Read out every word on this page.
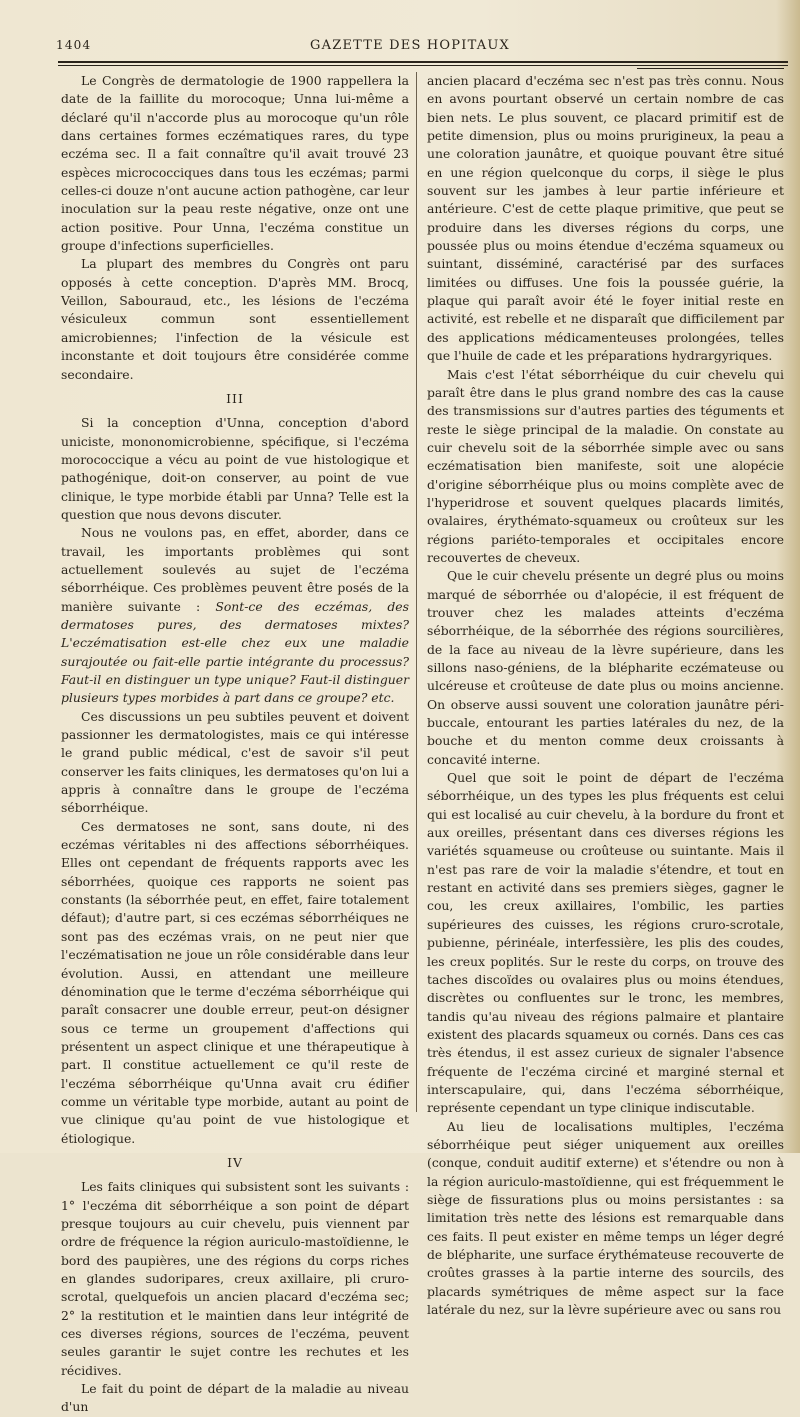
1404	GAZETTE DES HOPITAUX

Le Congrès de dermatologie de 1900 rappellera la date de la faillite du morocoque; Unna lui-même a déclaré qu'il n'accorde plus au morocoque qu'un rôle dans certaines formes eczématiques rares, du type eczéma sec. Il a fait connaître qu'il avait trouvé 23 espèces micrococciques dans tous les eczémas; parmi celles-ci douze n'ont aucune action pathogène, car leur inoculation sur la peau reste négative, onze ont une action positive. Pour Unna, l'eczéma constitue un groupe d'infections superficielles.

La plupart des membres du Congrès ont paru opposés à cette conception. D'après MM. Brocq, Veillon, Sabouraud, etc., les lésions de l'eczéma vésiculeux commun sont essentiellement amicrobiennes; l'infection de la vésicule est inconstante et doit toujours être considérée comme secondaire.

III

Si la conception d'Unna, conception d'abord uniciste, mononomicrobienne, spécifique, si l'eczéma morococcique a vécu au point de vue histologique et pathogénique, doit-on conserver, au point de vue clinique, le type morbide établi par Unna? Telle est la question que nous devons discuter.

Nous ne voulons pas, en effet, aborder, dans ce travail, les importants problèmes qui sont actuellement soulevés au sujet de l'eczéma séborrhéique. Ces problèmes peuvent être posés de la manière suivante : Sont-ce des eczémas, des dermatoses pures, des dermatoses mixtes? L'eczématisation est-elle chez eux une maladie surajoutée ou fait-elle partie intégrante du processus? Faut-il en distinguer un type unique? Faut-il distinguer plusieurs types morbides à part dans ce groupe? etc.

Ces discussions un peu subtiles peuvent et doivent passionner les dermatologistes, mais ce qui intéresse le grand public médical, c'est de savoir s'il peut conserver les faits cliniques, les dermatoses qu'on lui a appris à connaître dans le groupe de l'eczéma séborrhéique.

Ces dermatoses ne sont, sans doute, ni des eczémas véritables ni des affections séborrhéiques. Elles ont cependant de fréquents rapports avec les séborrhées, quoique ces rapports ne soient pas constants (la séborrhée peut, en effet, faire totalement défaut); d'autre part, si ces eczémas séborrhéiques ne sont pas des eczémas vrais, on ne peut nier que l'eczématisation ne joue un rôle considérable dans leur évolution. Aussi, en attendant une meilleure dénomination que le terme d'eczéma séborrhéique qui paraît consacrer une double erreur, peut-on désigner sous ce terme un groupement d'affections qui présentent un aspect clinique et une thérapeutique à part. Il constitue actuellement ce qu'il reste de l'eczéma séborrhéique qu'Unna avait cru édifier comme un véritable type morbide, autant au point de vue clinique qu'au point de vue histologique et étiologique.

IV

Les faits cliniques qui subsistent sont les suivants : 1° l'eczéma dit séborrhéique a son point de départ presque toujours au cuir chevelu, puis viennent par ordre de fréquence la région auriculo-mastoïdienne, le bord des paupières, une des régions du corps riches en glandes sudoripares, creux axillaire, pli cruro-scrotal, quelquefois un ancien placard d'eczéma sec; 2° la restitution et le maintien dans leur intégrité de ces diverses régions, sources de l'eczéma, peuvent seules garantir le sujet contre les rechutes et les récidives.

Le fait du point de départ de la maladie au niveau d'un

ancien placard d'eczéma sec n'est pas très connu. Nous en avons pourtant observé un certain nombre de cas bien nets. Le plus souvent, ce placard primitif est de petite dimension, plus ou moins prurigineux, la peau a une coloration jaunâtre, et quoique pouvant être situé en une région quelconque du corps, il siège le plus souvent sur les jambes à leur partie inférieure et antérieure. C'est de cette plaque primitive, que peut se produire dans les diverses régions du corps, une poussée plus ou moins étendue d'eczéma squameux ou suintant, disséminé, caractérisé par des surfaces limitées ou diffuses. Une fois la poussée guérie, la plaque qui paraît avoir été le foyer initial reste en activité, est rebelle et ne disparaît que difficilement par des applications médicamenteuses prolongées, telles que l'huile de cade et les préparations hydrargyriques.

Mais c'est l'état séborrhéique du cuir chevelu qui paraît être dans le plus grand nombre des cas la cause des transmissions sur d'autres parties des téguments et reste le siège principal de la maladie. On constate au cuir chevelu soit de la séborrhée simple avec ou sans eczématisation bien manifeste, soit une alopécie d'origine séborrhéique plus ou moins complète avec de l'hyperidrose et souvent quelques placards limités, ovalaires, érythémato-squameux ou croûteux sur les régions pariéto-temporales et occipitales encore recouvertes de cheveux.

Que le cuir chevelu présente un degré plus ou moins marqué de séborrhée ou d'alopécie, il est fréquent de trouver chez les malades atteints d'eczéma séborrhéique, de la séborrhée des régions sourcilières, de la face au niveau de la lèvre supérieure, dans les sillons naso-géniens, de la blépharite eczémateuse ou ulcéreuse et croûteuse de date plus ou moins ancienne. On observe aussi souvent une coloration jaunâtre péri-buccale, entourant les parties latérales du nez, de la bouche et du menton comme deux croissants à concavité interne.

Quel que soit le point de départ de l'eczéma séborrhéique, un des types les plus fréquents est celui qui est localisé au cuir chevelu, à la bordure du front et aux oreilles, présentant dans ces diverses régions les variétés squameuse ou croûteuse ou suintante. Mais il n'est pas rare de voir la maladie s'étendre, et tout en restant en activité dans ses premiers sièges, gagner le cou, les creux axillaires, l'ombilic, les parties supérieures des cuisses, les régions cruro-scrotale, pubienne, périnéale, interfessière, les plis des coudes, les creux poplités. Sur le reste du corps, on trouve des taches discoïdes ou ovalaires plus ou moins étendues, discrètes ou confluentes sur le tronc, les membres, tandis qu'au niveau des régions palmaire et plantaire existent des placards squameux ou cornés. Dans ces cas très étendus, il est assez curieux de signaler l'absence fréquente de l'eczéma circiné et marginé sternal et interscapulaire, qui, dans l'eczéma séborrhéique, représente cependant un type clinique indiscutable.

Au lieu de localisations multiples, l'eczéma séborrhéique peut siéger uniquement aux oreilles (conque, conduit auditif externe) et s'étendre ou non à la région auriculo-mastoïdienne, qui est fréquemment le siège de fissurations plus ou moins persistantes : sa limitation très nette des lésions est remarquable dans ces faits. Il peut exister en même temps un léger degré de blépharite, une surface érythémateuse recouverte de croûtes grasses à la partie interne des sourcils, des placards symétriques de même aspect sur la face latérale du nez, sur la lèvre supérieure avec ou sans rou
